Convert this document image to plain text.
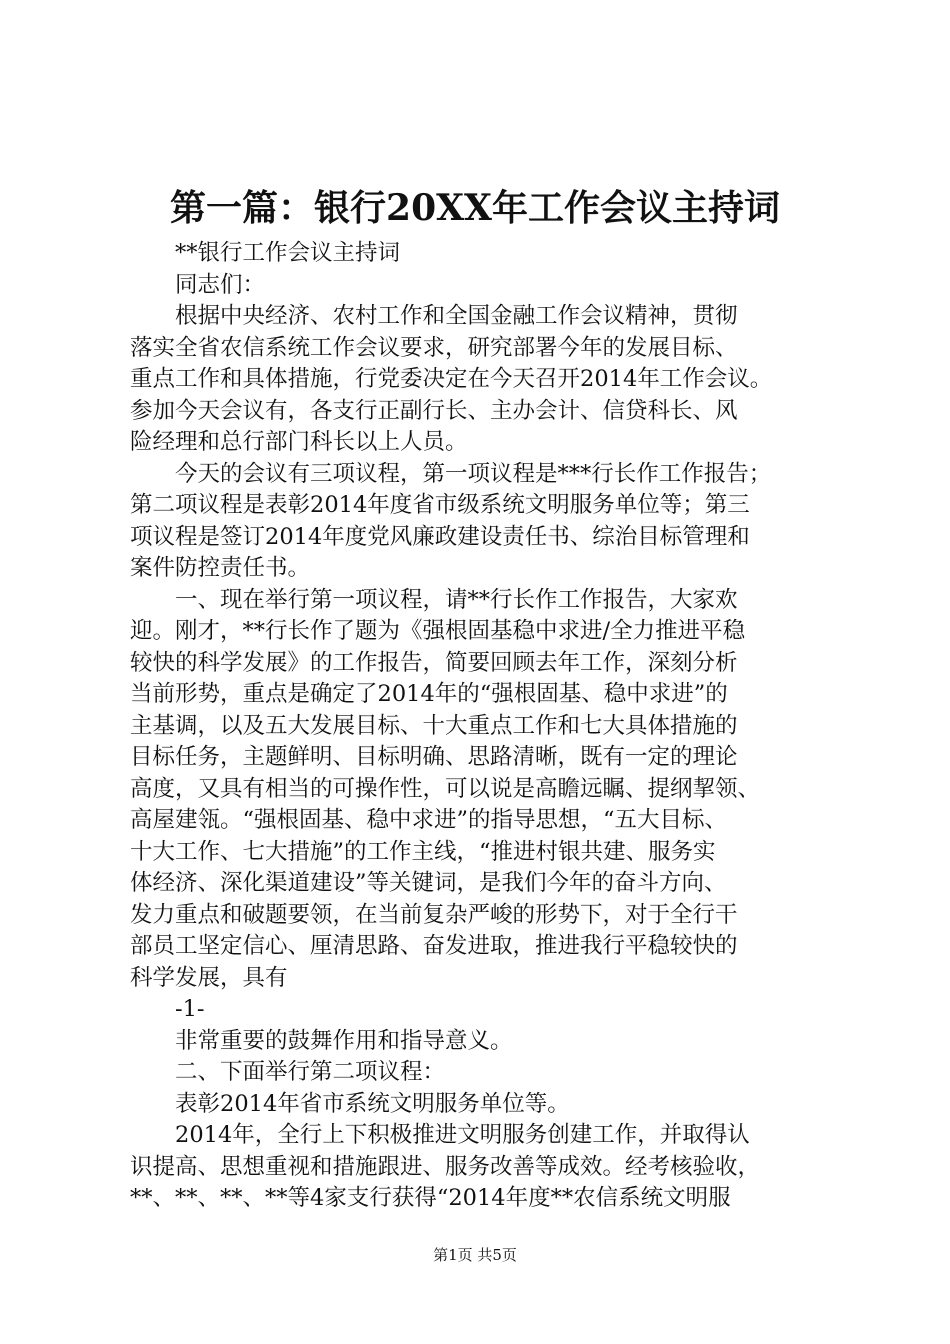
第一篇：银行20XX年工作会议主持词
**银行工作会议主持词
同志们：
根据中央经济、农村工作和全国金融工作会议精神，贯彻
落实全省农信系统工作会议要求，研究部署今年的发展目标、
重点工作和具体措施，行党委决定在今天召开2014年工作会议。
参加今天会议有，各支行正副行长、主办会计、信贷科长、风
险经理和总行部门科长以上人员。
今天的会议有三项议程，第一项议程是***行长作工作报告；
第二项议程是表彰2014年度省市级系统文明服务单位等；第三
项议程是签订2014年度党风廉政建设责任书、综治目标管理和
案件防控责任书。
一、现在举行第一项议程，请**行长作工作报告，大家欢
迎。刚才，**行长作了题为《强根固基稳中求进/全力推进平稳
较快的科学发展》的工作报告，简要回顾去年工作，深刻分析
当前形势，重点是确定了2014年的“强根固基、稳中求进”的
主基调，以及五大发展目标、十大重点工作和七大具体措施的
目标任务，主题鲜明、目标明确、思路清晰，既有一定的理论
高度，又具有相当的可操作性，可以说是高瞻远瞩、提纲挈领、
高屋建瓴。“强根固基、稳中求进”的指导思想，“五大目标、
十大工作、七大措施”的工作主线，“推进村银共建、服务实
体经济、深化渠道建设”等关键词，是我们今年的奋斗方向、
发力重点和破题要领，在当前复杂严峻的形势下，对于全行干
部员工坚定信心、厘清思路、奋发进取，推进我行平稳较快的
科学发展，具有
-1-
非常重要的鼓舞作用和指导意义。
二、下面举行第二项议程：
表彰2014年省市系统文明服务单位等。
2014年，全行上下积极推进文明服务创建工作，并取得认
识提高、思想重视和措施跟进、服务改善等成效。经考核验收，
**、**、**、**等4家支行获得“2014年度**农信系统文明服
第1页 共5页
